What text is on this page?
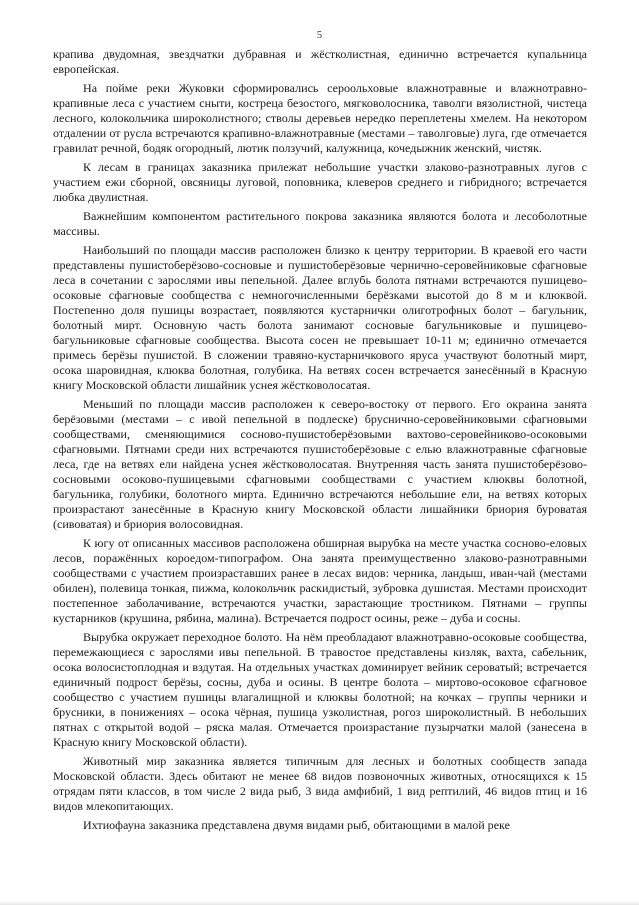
5

крапива двудомная, звездчатки дубравная и жёстколистная, единично встречается купальница европейская.

На пойме реки Жуковки сформировались сероольховые влажнотравные и влажнотравно-крапивные леса с участием сныти, кострeца безостого, мягковолосника, таволги вязолистной, чистеца лесного, колокольчика широколистного; стволы деревьев нередко переплетены хмелем. На некотором отдалении от русла встречаются крапивно-влажнотравные (местами – таволговые) луга, где отмечается гравилат речной, бодяк огородный, лютик ползучий, калужница, кочедыжник женский, чистяк.

К лесам в границах заказника прилежат небольшие участки злаково-разнотравных лугов с участием ежи сборной, овсяницы луговой, поповника, клеверов среднего и гибридного; встречается любка двулистная.

Важнейшим компонентом растительного покрова заказника являются болота и лесоболотные массивы.

Наибольший по площади массив расположен близко к центру территории. В краевой его части представлены пушистоберёзово-сосновые и пушистоберёзовые чернично-серовейниковые сфагновые леса в сочетании с зарослями ивы пепельной. Далее вглубь болота пятнами встречаются пушицево-осоковые сфагновые сообщества с немногочисленными берёзками высотой до 8 м и клюквой. Постепенно доля пушицы возрастает, появляются кустарнички олиготрофных болот – багульник, болотный мирт. Основную часть болота занимают сосновые багульниковые и пушицево-багульниковые сфагновые сообщества. Высота сосен не превышает 10-11 м; единично отмечается примесь берёзы пушистой. В сложении травяно-кустарничкового яруса участвуют болотный мирт, осока шаровидная, клюква болотная, голубика. На ветвях сосен встречается занесённый в Красную книгу Московской области лишайник уснея жёстковолосатая.

Меньший по площади массив расположен к северо-востоку от первого. Его окраина занята берёзовыми (местами – с ивой пепельной в подлеске) бруснично-серовейниковыми сфагновыми сообществами, сменяющимися сосново-пушистоберёзовыми вахтово-серовейниково-осоковыми сфагновыми. Пятнами среди них встречаются пушистоберёзовые с елью влажнотравные сфагновые леса, где на ветвях ели найдена уснея жёстковолосатая. Внутренняя часть занята пушистоберёзово-сосновыми осоково-пушицевыми сфагновыми сообществами с участием клюквы болотной, багульника, голубики, болотного мирта. Единично встречаются небольшие ели, на ветвях которых произрастают занесённые в Красную книгу Московской области лишайники бриория буроватая (сивоватая) и бриория волосовидная.

К югу от описанных массивов расположена обширная вырубка на месте участка сосново-еловых лесов, поражённых короедом-типографом. Она занята преимущественно злаково-разнотравными сообществами с участием произраставших ранее в лесах видов: черника, ландыш, иван-чай (местами обилен), полевица тонкая, пижма, колокольчик раскидистый, зубровка душистая. Местами происходит постепенное заболачивание, встречаются участки, зарастающие тростником. Пятнами – группы кустарников (крушина, рябина, малина). Встречается подрост осины, реже – дуба и сосны.

Вырубка окружает переходное болото. На нём преобладают влажнотравно-осоковые сообщества, перемежающиеся с зарослями ивы пепельной. В травостое представлены кизляк, вахта, сабельник, осока волосистоплодная и вздутая. На отдельных участках доминирует вейник сероватый; встречается единичный подрост берёзы, сосны, дуба и осины. В центре болота – миртово-осоковое сфагновое сообщество с участием пушицы влагалищной и клюквы болотной; на кочках – группы черники и брусники, в понижениях – осока чёрная, пушица узколистная, рогоз широколистный. В небольших пятнах с открытой водой – ряска малая. Отмечается произрастание пузырчатки малой (занесена в Красную книгу Московской области).

Животный мир заказника является типичным для лесных и болотных сообществ запада Московской области. Здесь обитают не менее 68 видов позвоночных животных, относящихся к 15 отрядам пяти классов, в том числе 2 вида рыб, 3 вида амфибий, 1 вид рептилий, 46 видов птиц и 16 видов млекопитающих.

Ихтиофауна заказника представлена двумя видами рыб, обитающими в малой реке
